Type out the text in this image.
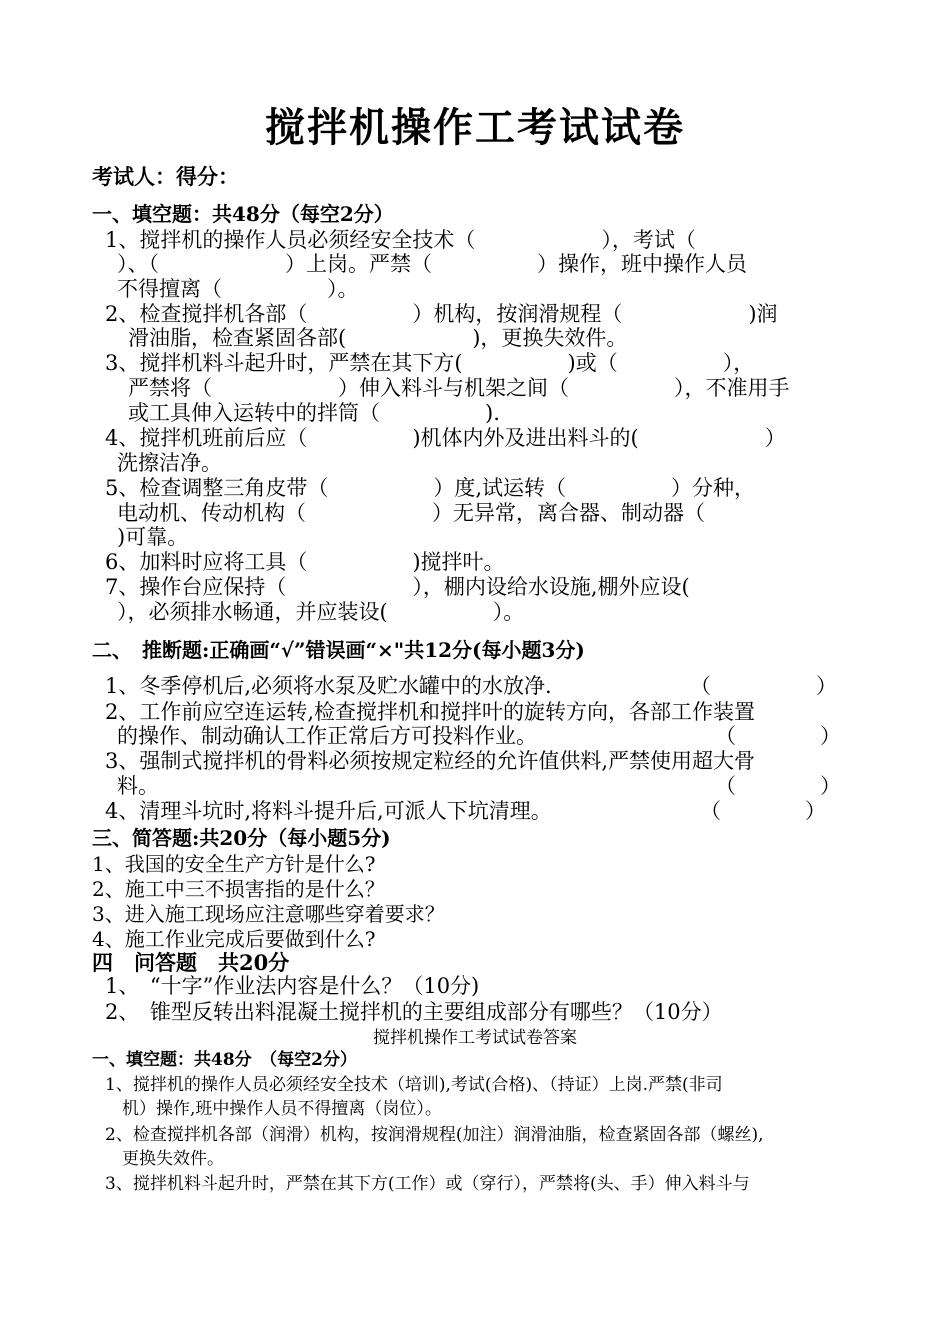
搅拌机操作工考试试卷
考试人：得分：
一、填空题：共48分（每空2分）
1、搅拌机的操作人员必须经安全技术（　　　　　　），考试（
）、（　　　　　　）上岗。严禁（　　　　　）操作，班中操作人员
不得擅离（　　　　　）。
2、检查搅拌机各部（　　　　　）机构，按润滑规程（　　　　　　)润
滑油脂，检查紧固各部(　　　　　　)，更换失效件。
3、搅拌机料斗起升时，严禁在其下方(　　　　　)或（　　　　　），
严禁将（　　　　　　）伸入料斗与机架之间（　　　　　），不准用手
或工具伸入运转中的拌筒（　　　　　).
4、搅拌机班前后应（　　　　　)机体内外及进出料斗的(　　　　　　）
洗擦洁净。
5、检查调整三角皮带（　　　　　）度,试运转（　　　　　）分种，
电动机、传动机构（　　　　　　）无异常，离合器、制动器（
)可靠。
6、加料时应将工具（　　　　　)搅拌叶。
7、操作台应保持（　　　　　　），棚内设给水设施,棚外应设(
），必须排水畅通，并应装设(　　　　　）。
二、　推断题:正确画“√”错误画“×"共12分(每小题3分)
1、冬季停机后,必须将水泵及贮水罐中的水放净.	（　　　　　）
2、工作前应空连运转,检查搅拌机和搅拌叶的旋转方向，各部工作装置
的操作、制动确认工作正常后方可投料作业。	（　　　　）
3、强制式搅拌机的骨料必须按规定粒经的允许值供料,严禁使用超大骨
料。	（　　　　）
4、清理斗坑时,将料斗提升后,可派人下坑清理。	（　　　　）
三、简答题:共20分（每小题5分)
1、我国的安全生产方针是什么?
2、施工中三不损害指的是什么？
3、进入施工现场应注意哪些穿着要求？
4、施工作业完成后要做到什么?
四　问答题　共20分
1、　“十字”作业法内容是什么？（10分)
2、　锥型反转出料混凝土搅拌机的主要组成部分有哪些？（10分）
搅拌机操作工考试试卷答案
一、填空题：共48分　（每空2分）
1、搅拌机的操作人员必须经安全技术（培训),考试(合格)、（持证）上岗.严禁(非司
机）操作,班中操作人员不得擅离（岗位）。
2、检查搅拌机各部（润滑）机构，按润滑规程(加注）润滑油脂，检查紧固各部（螺丝),
更换失效件。
3、搅拌机料斗起升时，严禁在其下方(工作）或（穿行），严禁将(头、手）伸入料斗与
